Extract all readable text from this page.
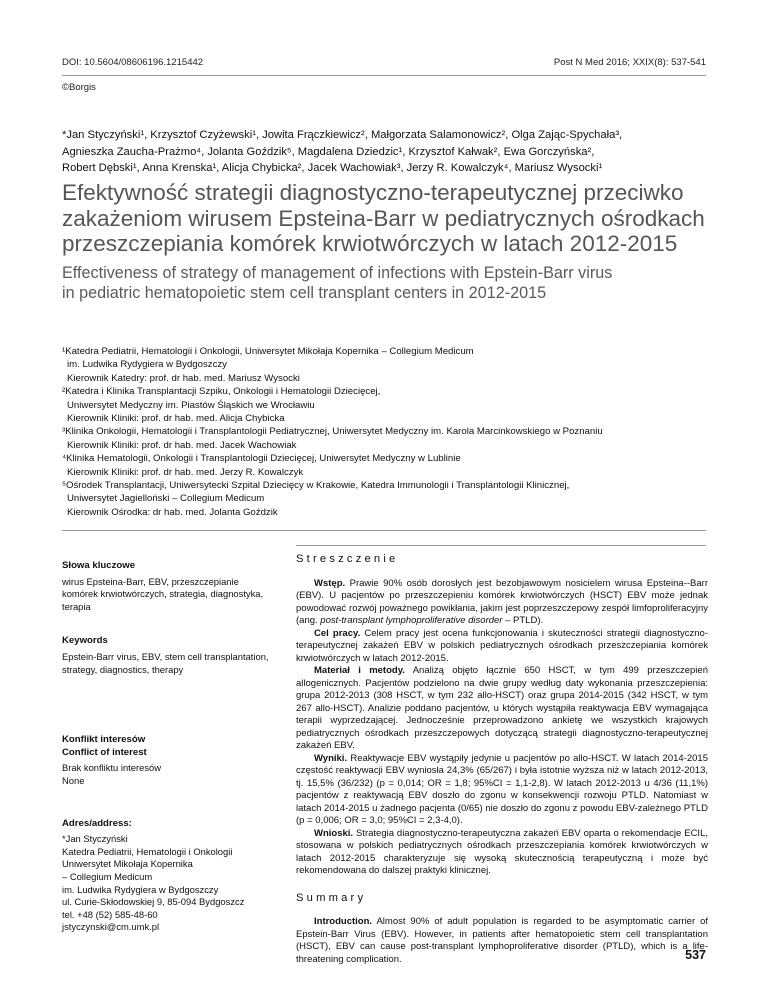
DOI: 10.5604/08606196.1215442	Post N Med 2016; XXIX(8): 537-541
©Borgis
*Jan Styczyński¹, Krzysztof Czyżewski¹, Jowita Frączkiewicz², Małgorzata Salamonowicz², Olga Zając-Spychała³,
Agnieszka Zaucha-Prażmo⁴, Jolanta Goździk⁵, Magdalena Dziedzic¹, Krzysztof Kałwak², Ewa Gorczyńska²,
Robert Dębski¹, Anna Krenska¹, Alicja Chybicka², Jacek Wachowiak³, Jerzy R. Kowalczyk⁴, Mariusz Wysocki¹
Efektywność strategii diagnostyczno-terapeutycznej przeciwko
zakażeniom wirusem Epsteina-Barr w pediatrycznych ośrodkach
przeszczepiania komórek krwiotwórczych w latach 2012-2015
Effectiveness of strategy of management of infections with Epstein-Barr virus
in pediatric hematopoietic stem cell transplant centers in 2012-2015
¹Katedra Pediatrii, Hematologii i Onkologii, Uniwersytet Mikołaja Kopernika – Collegium Medicum
im. Ludwika Rydygiera w Bydgoszczy
Kierownik Katedry: prof. dr hab. med. Mariusz Wysocki
²Katedra i Klinika Transplantacji Szpiku, Onkologii i Hematologii Dziecięcej,
Uniwersytet Medyczny im. Piastów Śląskich we Wrocławiu
Kierownik Kliniki: prof. dr hab. med. Alicja Chybicka
³Klinika Onkologii, Hematologii i Transplantologii Pediatrycznej, Uniwersytet Medyczny im. Karola Marcinkowskiego w Poznaniu
Kierownik Kliniki: prof. dr hab. med. Jacek Wachowiak
⁴Klinika Hematologii, Onkologii i Transplantologii Dziecięcej, Uniwersytet Medyczny w Lublinie
Kierownik Kliniki: prof. dr hab. med. Jerzy R. Kowalczyk
⁵Ośrodek Transplantacji, Uniwersytecki Szpital Dziecięcy w Krakowie, Katedra Immunologii i Transplantologii Klinicznej,
Uniwersytet Jagielloński – Collegium Medicum
Kierownik Ośrodka: dr hab. med. Jolanta Goździk
Słowa kluczowe

wirus Epsteina-Barr, EBV, przeszczepianie komórek krwiotwórczych, strategia, diagnostyka, terapia

Keywords

Epstein-Barr virus, EBV, stem cell transplantation, strategy, diagnostics, therapy

Konflikt interesów
Conflict of interest

Brak konfliktu interesów

None

Adres/address:

*Jan Styczyński

Katedra Pediatrii, Hematologii i Onkologii

Uniwersytet Mikołaja Kopernika

– Collegium Medicum

im. Ludwika Rydygiera w Bydgoszczy

ul. Curie-Skłodowskiej 9, 85-094 Bydgoszcz

tel. +48 (52) 585-48-60

jstyczynski@cm.umk.pl

Streszczenie

Wstęp. Prawie 90% osób dorosłych jest bezobjawowym nosicielem wirusa Epsteina--Barr (EBV). U pacjentów po przeszczepieniu komórek krwiotwórczych (HSCT) EBV może jednak powodować rozwój poważnego powikłania, jakim jest poprzeszczepowy zespół limfoproliferacyjny (ang. post-transplant lymphoproliferative disorder – PTLD).

Cel pracy. Celem pracy jest ocena funkcjonowania i skuteczności strategii diagnostyczno-terapeutycznej zakażeń EBV w polskich pediatrycznych ośrodkach przeszczepiania komórek krwiotwórczych w latach 2012-2015.

Materiał i metody. Analizą objęto łącznie 650 HSCT, w tym 499 przeszczepień allogenicznych. Pacjentów podzielono na dwie grupy według daty wykonania przeszczepienia: grupa 2012-2013 (308 HSCT, w tym 232 allo-HSCT) oraz grupa 2014-2015 (342 HSCT, w tym 267 allo-HSCT). Analizie poddano pacjentów, u których wystąpiła reaktywacja EBV wymagająca terapii wyprzedzającej. Jednocześnie przeprowadzono ankietę we wszystkich krajowych pediatrycznych ośrodkach przeszczepowych dotyczącą strategii diagnostyczno-terapeutycznej zakażeń EBV.

Wyniki. Reaktywacje EBV wystąpiły jedynie u pacjentów po allo-HSCT. W latach 2014-2015 częstość reaktywacji EBV wyniosła 24,3% (65/267) i była istotnie wyższa niż w latach 2012-2013, tj. 15,5% (36/232) (p = 0,014; OR = 1,8; 95%CI = 1,1-2,8). W latach 2012-2013 u 4/36 (11,1%) pacjentów z reaktywacją EBV doszło do zgonu w konsekwencji rozwoju PTLD. Natomiast w latach 2014-2015 u żadnego pacjenta (0/65) nie doszło do zgonu z powodu EBV-zależnego PTLD (p = 0,006; OR = 3,0; 95%CI = 2,3-4,0).

Wnioski. Strategia diagnostyczno-terapeutyczna zakażeń EBV oparta o rekomendacje ECIL, stosowana w polskich pediatrycznych ośrodkach przeszczepiania komórek krwiotwórczych w latach 2012-2015 charakteryzuje się wysoką skutecznością terapeutyczną i może być rekomendowana do dalszej praktyki klinicznej.

Summary

Introduction. Almost 90% of adult population is regarded to be asymptomatic carrier of Epstein-Barr Virus (EBV). However, in patients after hematopoietic stem cell transplantation (HSCT), EBV can cause post-transplant lymphoproliferative disorder (PTLD), which is a life-threatening complication.	537
